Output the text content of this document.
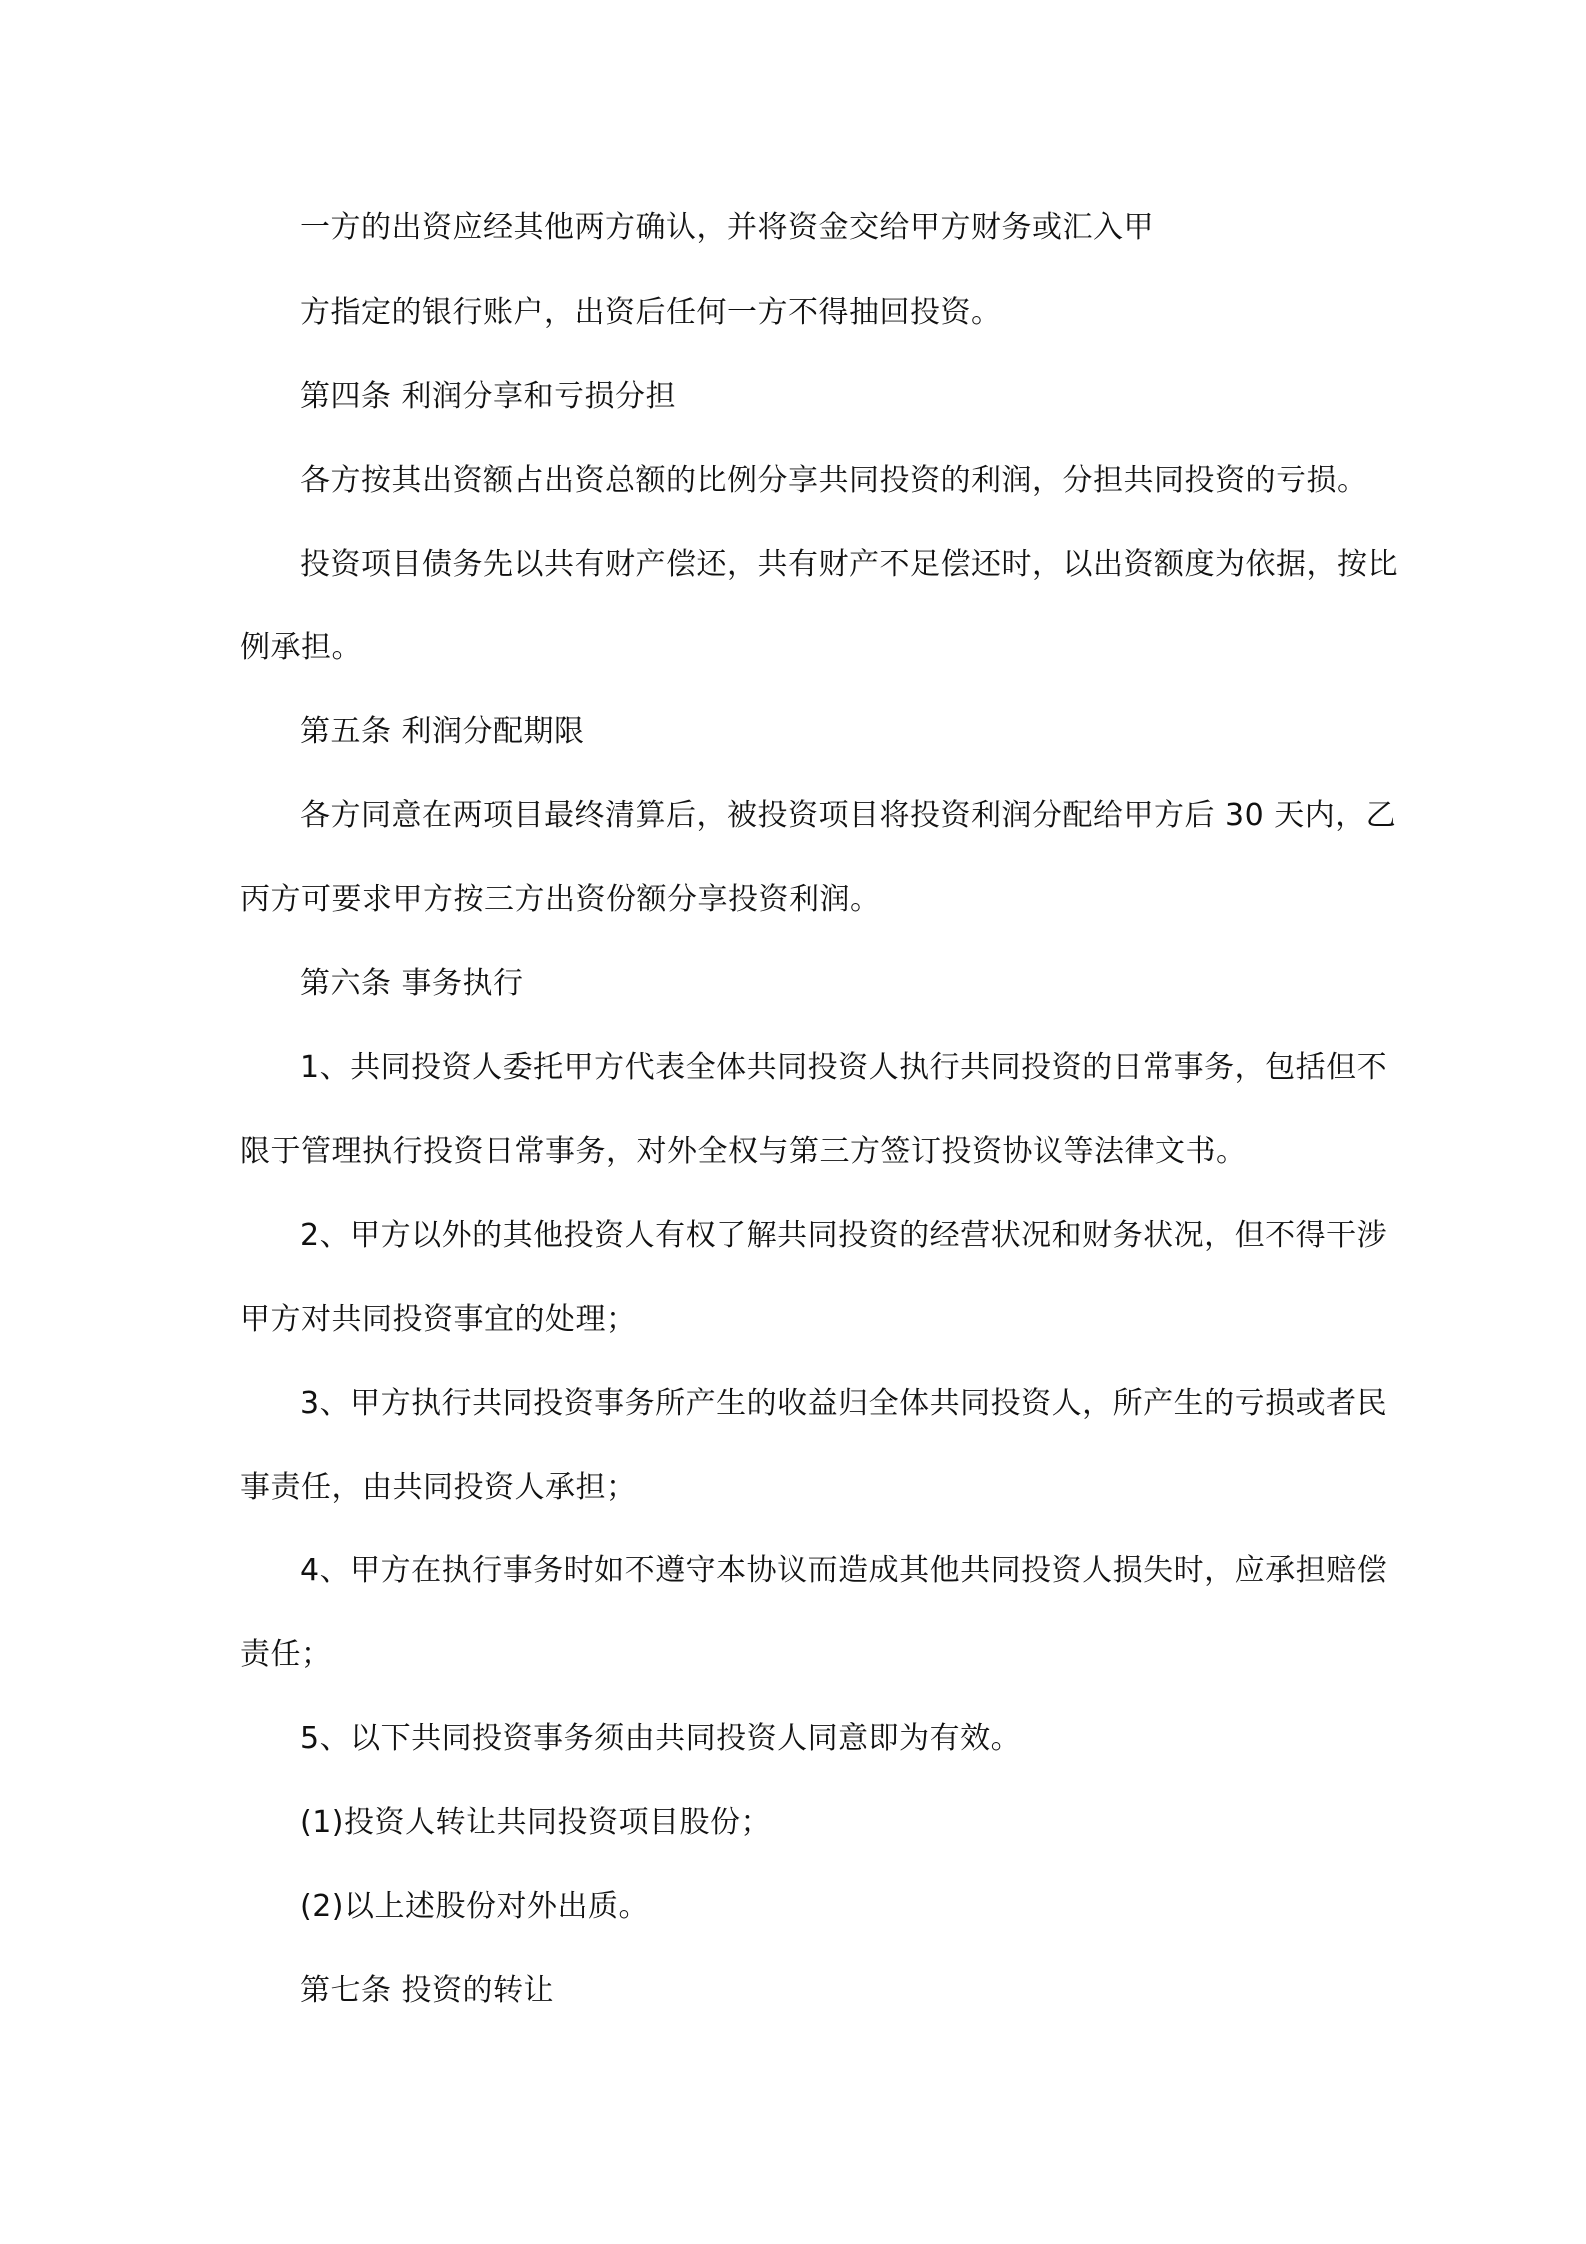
一方的出资应经其他两方确认，并将资金交给甲方财务或汇入甲
方指定的银行账户，出资后任何一方不得抽回投资。
第四条 利润分享和亏损分担
各方按其出资额占出资总额的比例分享共同投资的利润，分担共同投资的亏损。
投资项目债务先以共有财产偿还，共有财产不足偿还时，以出资额度为依据，按比
例承担。
第五条 利润分配期限
各方同意在两项目最终清算后，被投资项目将投资利润分配给甲方后 30 天内，乙
丙方可要求甲方按三方出资份额分享投资利润。
第六条 事务执行
1、共同投资人委托甲方代表全体共同投资人执行共同投资的日常事务，包括但不
限于管理执行投资日常事务，对外全权与第三方签订投资协议等法律文书。
2、甲方以外的其他投资人有权了解共同投资的经营状况和财务状况，但不得干涉
甲方对共同投资事宜的处理；
3、甲方执行共同投资事务所产生的收益归全体共同投资人，所产生的亏损或者民
事责任，由共同投资人承担；
4、甲方在执行事务时如不遵守本协议而造成其他共同投资人损失时，应承担赔偿
责任；
5、以下共同投资事务须由共同投资人同意即为有效。
(1)投资人转让共同投资项目股份；
(2)以上述股份对外出质。
第七条 投资的转让
